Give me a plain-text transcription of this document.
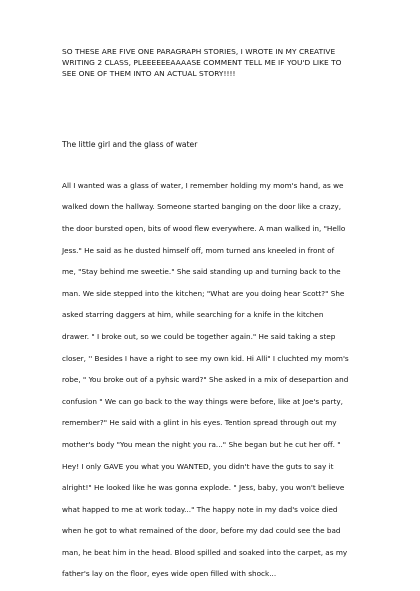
SO THESE ARE FIVE ONE PARAGRAPH STORIES, I WROTE IN MY CREATIVE
WRITING 2 CLASS, PLEEEEEEAAAASE COMMENT TELL ME IF YOU'D LIKE TO
SEE ONE OF THEM INTO AN ACTUAL STORY!!!!
The little girl and the glass of water

All I wanted was a glass of water, I remember holding my mom's hand, as we

walked down the hallway. Someone started banging on the door like a crazy,

the door bursted open, bits of wood flew everywhere. A man walked in, "Hello

Jess." He said as he dusted himself off, mom turned ans kneeled in front of

me, "Stay behind me sweetie." She said standing up and turning back to the

man. We side stepped into the kitchen; "What are you doing hear Scott?" She

asked starring daggers at him, while searching for a knife in the kitchen

drawer. " I broke out, so we could be together again." He said taking a step

closer, '' Besides I have a right to see my own kid. Hi Alli" I cluchted my mom's

robe, " You broke out of a pyhsic ward?" She asked in a mix of desepartion and

confusion " We can go back to the way things were before, like at Joe's party,

remember?" He said with a glint in his eyes. Tention spread through out my

mother's body "You mean the night you ra..." She began but he cut her off. "

Hey! I only GAVE you what you WANTED, you didn't have the guts to say it

alright!" He looked like he was gonna explode. " Jess, baby, you won't believe

what happed to me at work today..." The happy note in my dad's voice died

when he got to what remained of the door, before my dad could see the bad

man, he beat him in the head. Blood spilled and soaked into the carpet, as my

father's lay on the floor, eyes wide open filled with shock...
